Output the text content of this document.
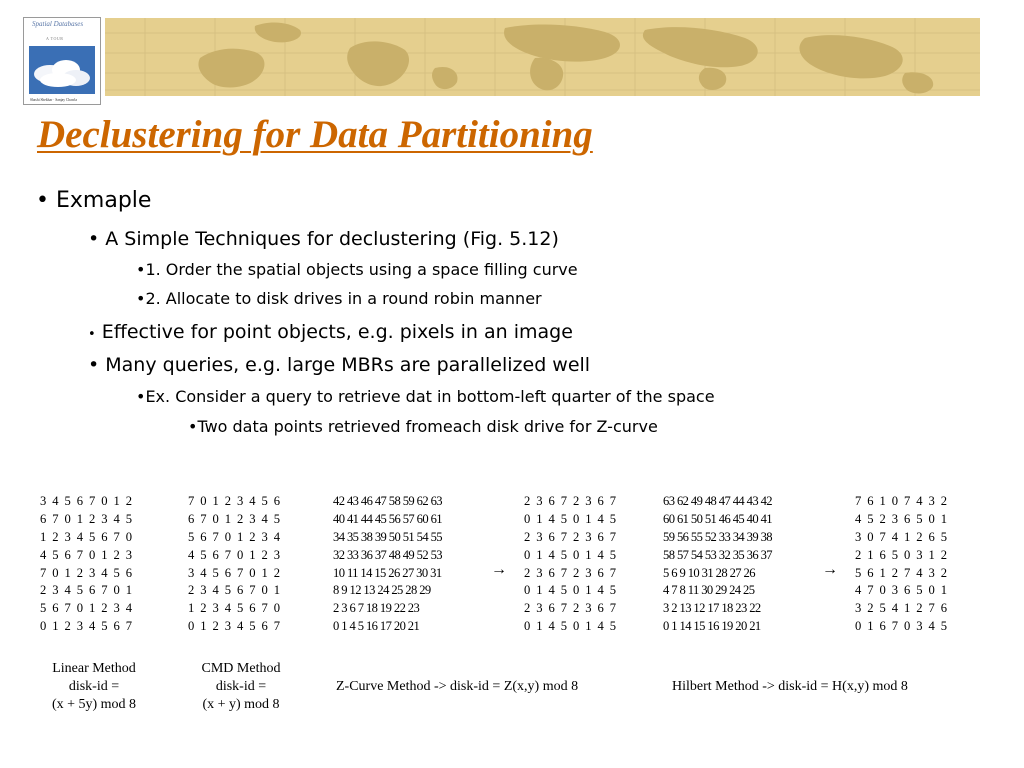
Spatial Databases
A TOUR
Shashi Shekhar · Sanjay Chawla
Declustering for Data Partitioning
• Exmaple
• A Simple Techniques for declustering (Fig. 5.12)
•1. Order the spatial objects using a space filling curve
•2. Allocate to disk drives in a round robin manner
• Effective for point objects, e.g. pixels in an image
• Many queries, e.g. large MBRs are parallelized well
•Ex. Consider a query to retrieve dat in bottom-left quarter of the space
•Two data points retrieved fromeach disk drive for Z-curve
3 4 5 6 7 0 1 2
6 7 0 1 2 3 4 5
1 2 3 4 5 6 7 0
4 5 6 7 0 1 2 3
7 0 1 2 3 4 5 6
2 3 4 5 6 7 0 1
5 6 7 0 1 2 3 4
0 1 2 3 4 5 6 7
7 0 1 2 3 4 5 6
6 7 0 1 2 3 4 5
5 6 7 0 1 2 3 4
4 5 6 7 0 1 2 3
3 4 5 6 7 0 1 2
2 3 4 5 6 7 0 1
1 2 3 4 5 6 7 0
0 1 2 3 4 5 6 7
42 43 46 47 58 59 62 63
40 41 44 45 56 57 60 61
34 35 38 39 50 51 54 55
32 33 36 37 48 49 52 53
10 11 14 15 26 27 30 31
8 9 12 13 24 25 28 29
2 3 6 7 18 19 22 23
0 1 4 5 16 17 20 21
→
2 3 6 7 2 3 6 7
0 1 4 5 0 1 4 5
2 3 6 7 2 3 6 7
0 1 4 5 0 1 4 5
2 3 6 7 2 3 6 7
0 1 4 5 0 1 4 5
2 3 6 7 2 3 6 7
0 1 4 5 0 1 4 5
63 62 49 48 47 44 43 42
60 61 50 51 46 45 40 41
59 56 55 52 33 34 39 38
58 57 54 53 32 35 36 37
5 6 9 10 31 28 27 26
4 7 8 11 30 29 24 25
3 2 13 12 17 18 23 22
0 1 14 15 16 19 20 21
→
7 6 1 0 7 4 3 2
4 5 2 3 6 5 0 1
3 0 7 4 1 2 6 5
2 1 6 5 0 3 1 2
5 6 1 2 7 4 3 2
4 7 0 3 6 5 0 1
3 2 5 4 1 2 7 6
0 1 6 7 0 3 4 5
Linear Method
disk-id =
(x + 5y) mod 8
CMD Method
disk-id =
(x + y) mod 8
Z-Curve Method -> disk-id = Z(x,y) mod 8	Hilbert Method -> disk-id = H(x,y) mod 8
